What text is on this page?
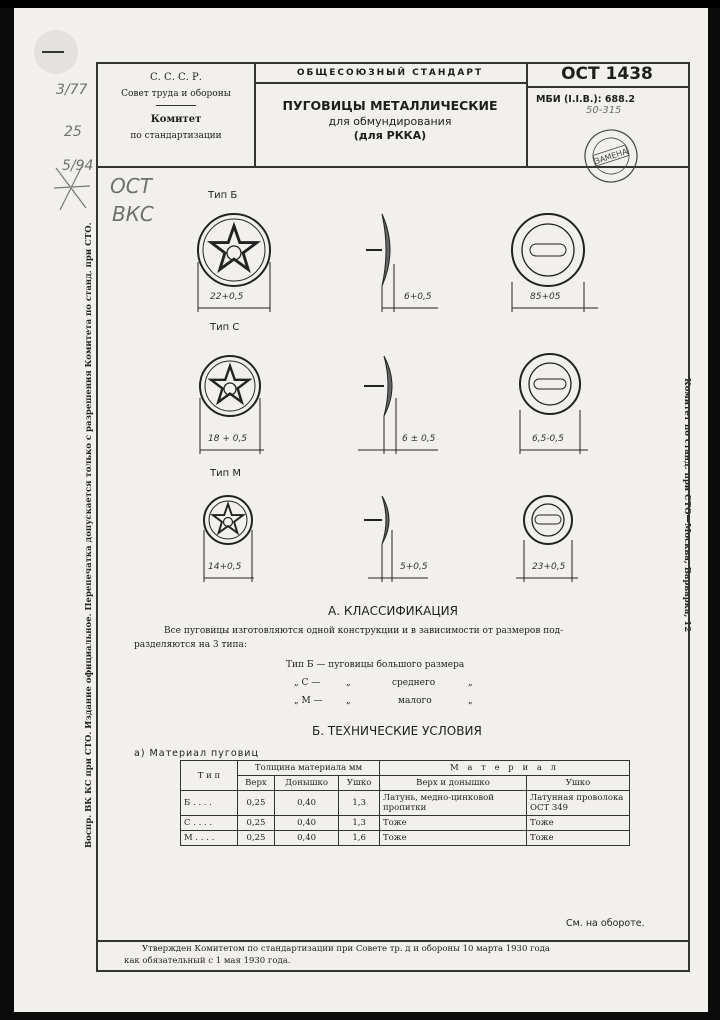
3/77
25
5/94
ОСТ
ВКС
Воспр. ВК КС при СТО. Издание официальное. Перепечатка допускается только с разрешения Комитета по станд. при СТО.	Комитет по станд. при СТО—Москва, Варварка, 12
С. С. С. Р.
Совет труда и обороны
Комитет
по стандартизации
ОБЩЕСОЮЗНЫЙ СТАНДАРТ
ПУГОВИЦЫ МЕТАЛЛИЧЕСКИЕ
для обмундирования
(для РККА)
ОСТ 1438
МБИ (I.I.B.): 688.2
50-315
ЗАМЕНА
Тип Б
Тип С
Тип М
22+0,5	6+0,5	85+05
18 + 0,5	6 ± 0,5	6,5-0,5
14+0,5	5+0,5	23+0,5
А. КЛАССИФИКАЦИЯ
Все пуговицы изготовляются одной конструкции и в зависимости от размеров под-
разделяются на 3 типа:
Тип Б — пуговицы большого размера
„ С —	„	среднего	„
„ М —	„	малого	„
Б. ТЕХНИЧЕСКИЕ УСЛОВИЯ
а) Материал пуговиц
См. на обороте.
Утвержден Комитетом по стандартизации при Совете тр. д и обороны 10 марта 1930 года
как обязательный с 1 мая 1930 года.
Т и п	Толщина материала мм			М а т е р и а л	
	Верх	Донышко	Ушко	Верх и донышко	Ушко
Б . . . .	0,25	0,40	1,3	Латунь, медно-цинковой пропитки	Латунная проволока ОСТ 349
С . . . .	0,25	0,40	1,3	Тоже	Тоже
М . . . .	0,25	0,40	1,6	Тоже	Тоже
